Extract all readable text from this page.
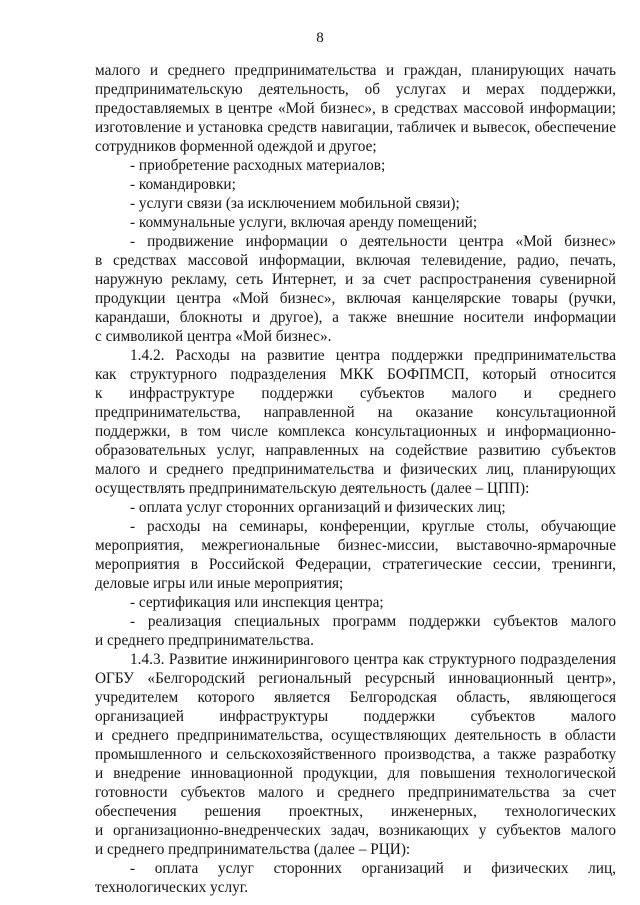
8
малого и среднего предпринимательства и граждан, планирующих начать
предпринимательскую деятельность, об услугах и мерах поддержки,
предоставляемых в центре «Мой бизнес», в средствах массовой информации;
изготовление и установка средств навигации, табличек и вывесок, обеспечение
сотрудников форменной одеждой и другое;
- приобретение расходных материалов;
- командировки;
- услуги связи (за исключением мобильной связи);
- коммунальные услуги, включая аренду помещений;
- продвижение информации о деятельности центра «Мой бизнес»
в средствах массовой информации, включая телевидение, радио, печать,
наружную рекламу, сеть Интернет, и за счет распространения сувенирной
продукции центра «Мой бизнес», включая канцелярские товары (ручки,
карандаши, блокноты и другое), а также внешние носители информации
с символикой центра «Мой бизнес».
1.4.2. Расходы на развитие центра поддержки предпринимательства
как структурного подразделения МКК БОФПМСП, который относится
к инфраструктуре поддержки субъектов малого и среднего
предпринимательства, направленной на оказание консультационной
поддержки, в том числе комплекса консультационных и информационно-
образовательных услуг, направленных на содействие развитию субъектов
малого и среднего предпринимательства и физических лиц, планирующих
осуществлять предпринимательскую деятельность (далее – ЦПП):
- оплата услуг сторонних организаций и физических лиц;
- расходы на семинары, конференции, круглые столы, обучающие
мероприятия, межрегиональные бизнес-миссии, выставочно-ярмарочные
мероприятия в Российской Федерации, стратегические сессии, тренинги,
деловые игры или иные мероприятия;
- сертификация или инспекция центра;
- реализация специальных программ поддержки субъектов малого
и среднего предпринимательства.
1.4.3. Развитие инжинирингового центра как структурного подразделения
ОГБУ «Белгородский региональный ресурсный инновационный центр»,
учредителем которого является Белгородская область, являющегося
организацией инфраструктуры поддержки субъектов малого
и среднего предпринимательства, осуществляющих деятельность в области
промышленного и сельскохозяйственного производства, а также разработку
и внедрение инновационной продукции, для повышения технологической
готовности субъектов малого и среднего предпринимательства за счет
обеспечения решения проектных, инженерных, технологических
и организационно-внедренческих задач, возникающих у субъектов малого
и среднего предпринимательства (далее – РЦИ):
- оплата услуг сторонних организаций и физических лиц,
технологических услуг.
